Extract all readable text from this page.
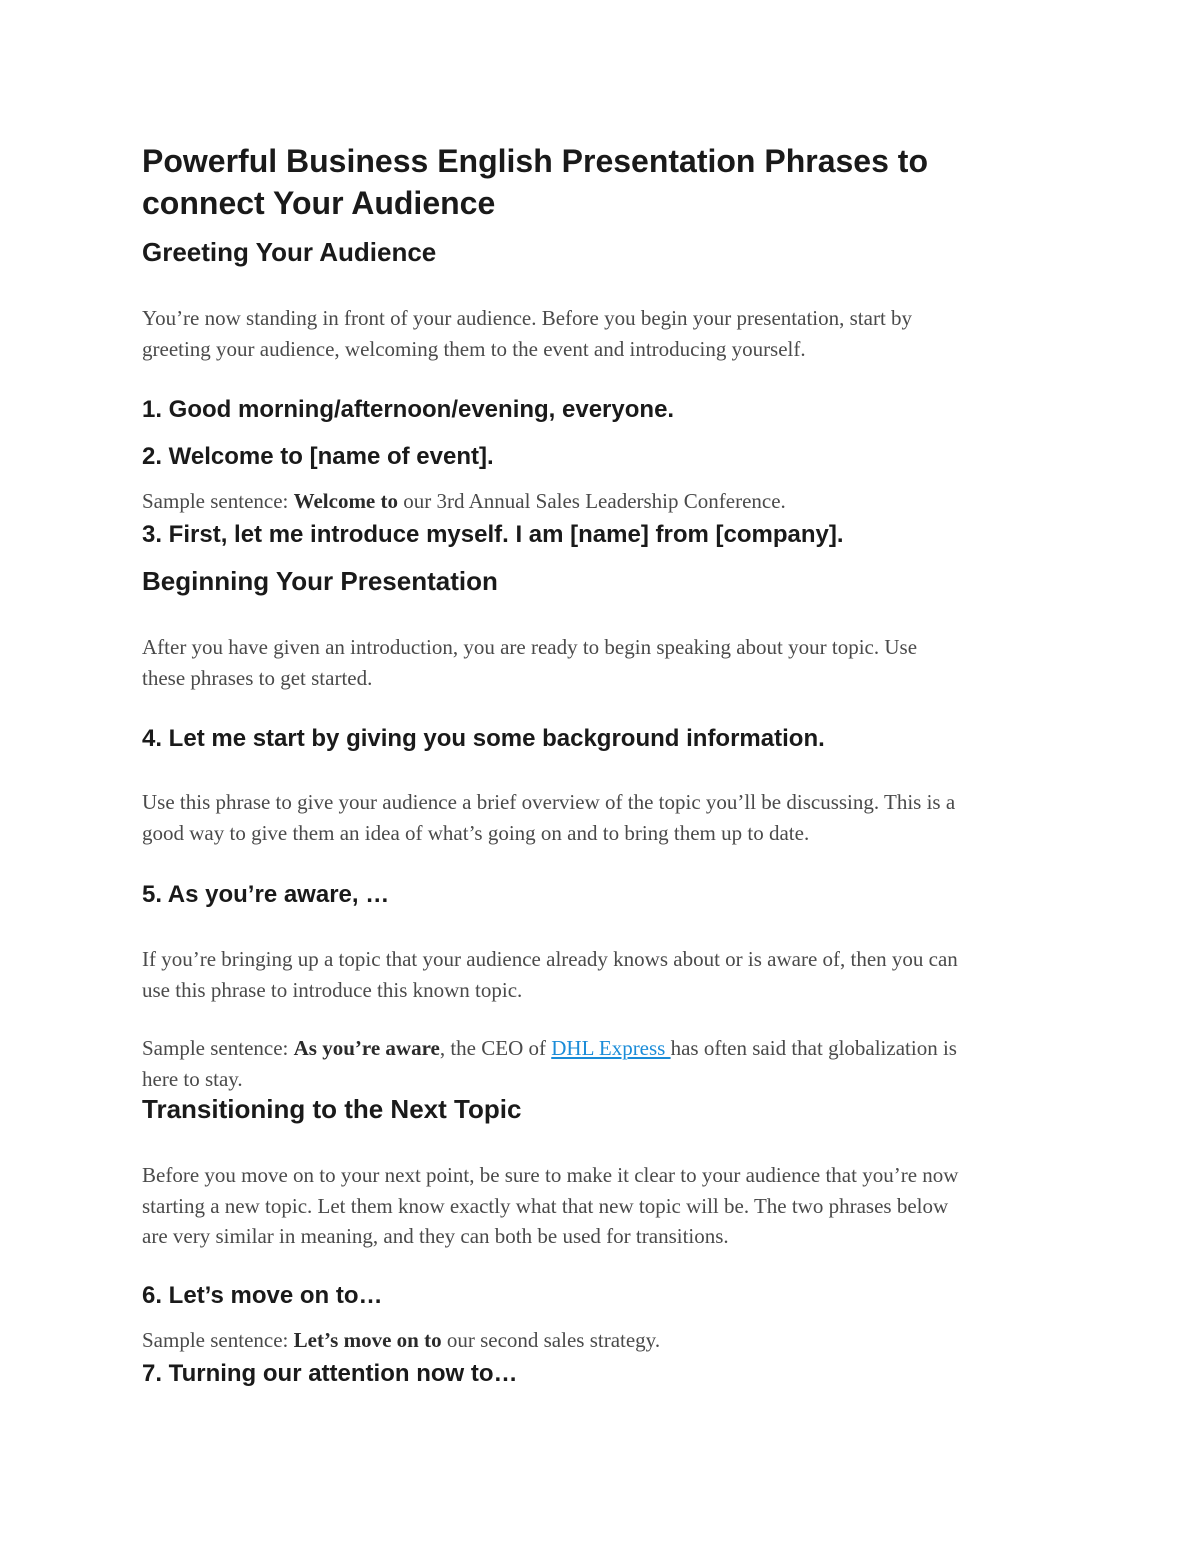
Powerful Business English Presentation Phrases to
connect Your Audience
Greeting Your Audience

You’re now standing in front of your audience. Before you begin your presentation, start by
greeting your audience, welcoming them to the event and introducing yourself.

1. Good morning/afternoon/evening, everyone.
2. Welcome to [name of event].

Sample sentence: Welcome to our 3rd Annual Sales Leadership Conference.

3. First, let me introduce myself. I am [name] from [company].
Beginning Your Presentation

After you have given an introduction, you are ready to begin speaking about your topic. Use
these phrases to get started.

4. Let me start by giving you some background information.

Use this phrase to give your audience a brief overview of the topic you’ll be discussing. This is a
good way to give them an idea of what’s going on and to bring them up to date.

5. As you’re aware, …

If you’re bringing up a topic that your audience already knows about or is aware of, then you can
use this phrase to introduce this known topic.

Sample sentence: As you’re aware, the CEO of DHL Express has often said that globalization is
here to stay.

Transitioning to the Next Topic

Before you move on to your next point, be sure to make it clear to your audience that you’re now
starting a new topic. Let them know exactly what that new topic will be. The two phrases below
are very similar in meaning, and they can both be used for transitions.

6. Let’s move on to…

Sample sentence: Let’s move on to our second sales strategy.

7. Turning our attention now to…
